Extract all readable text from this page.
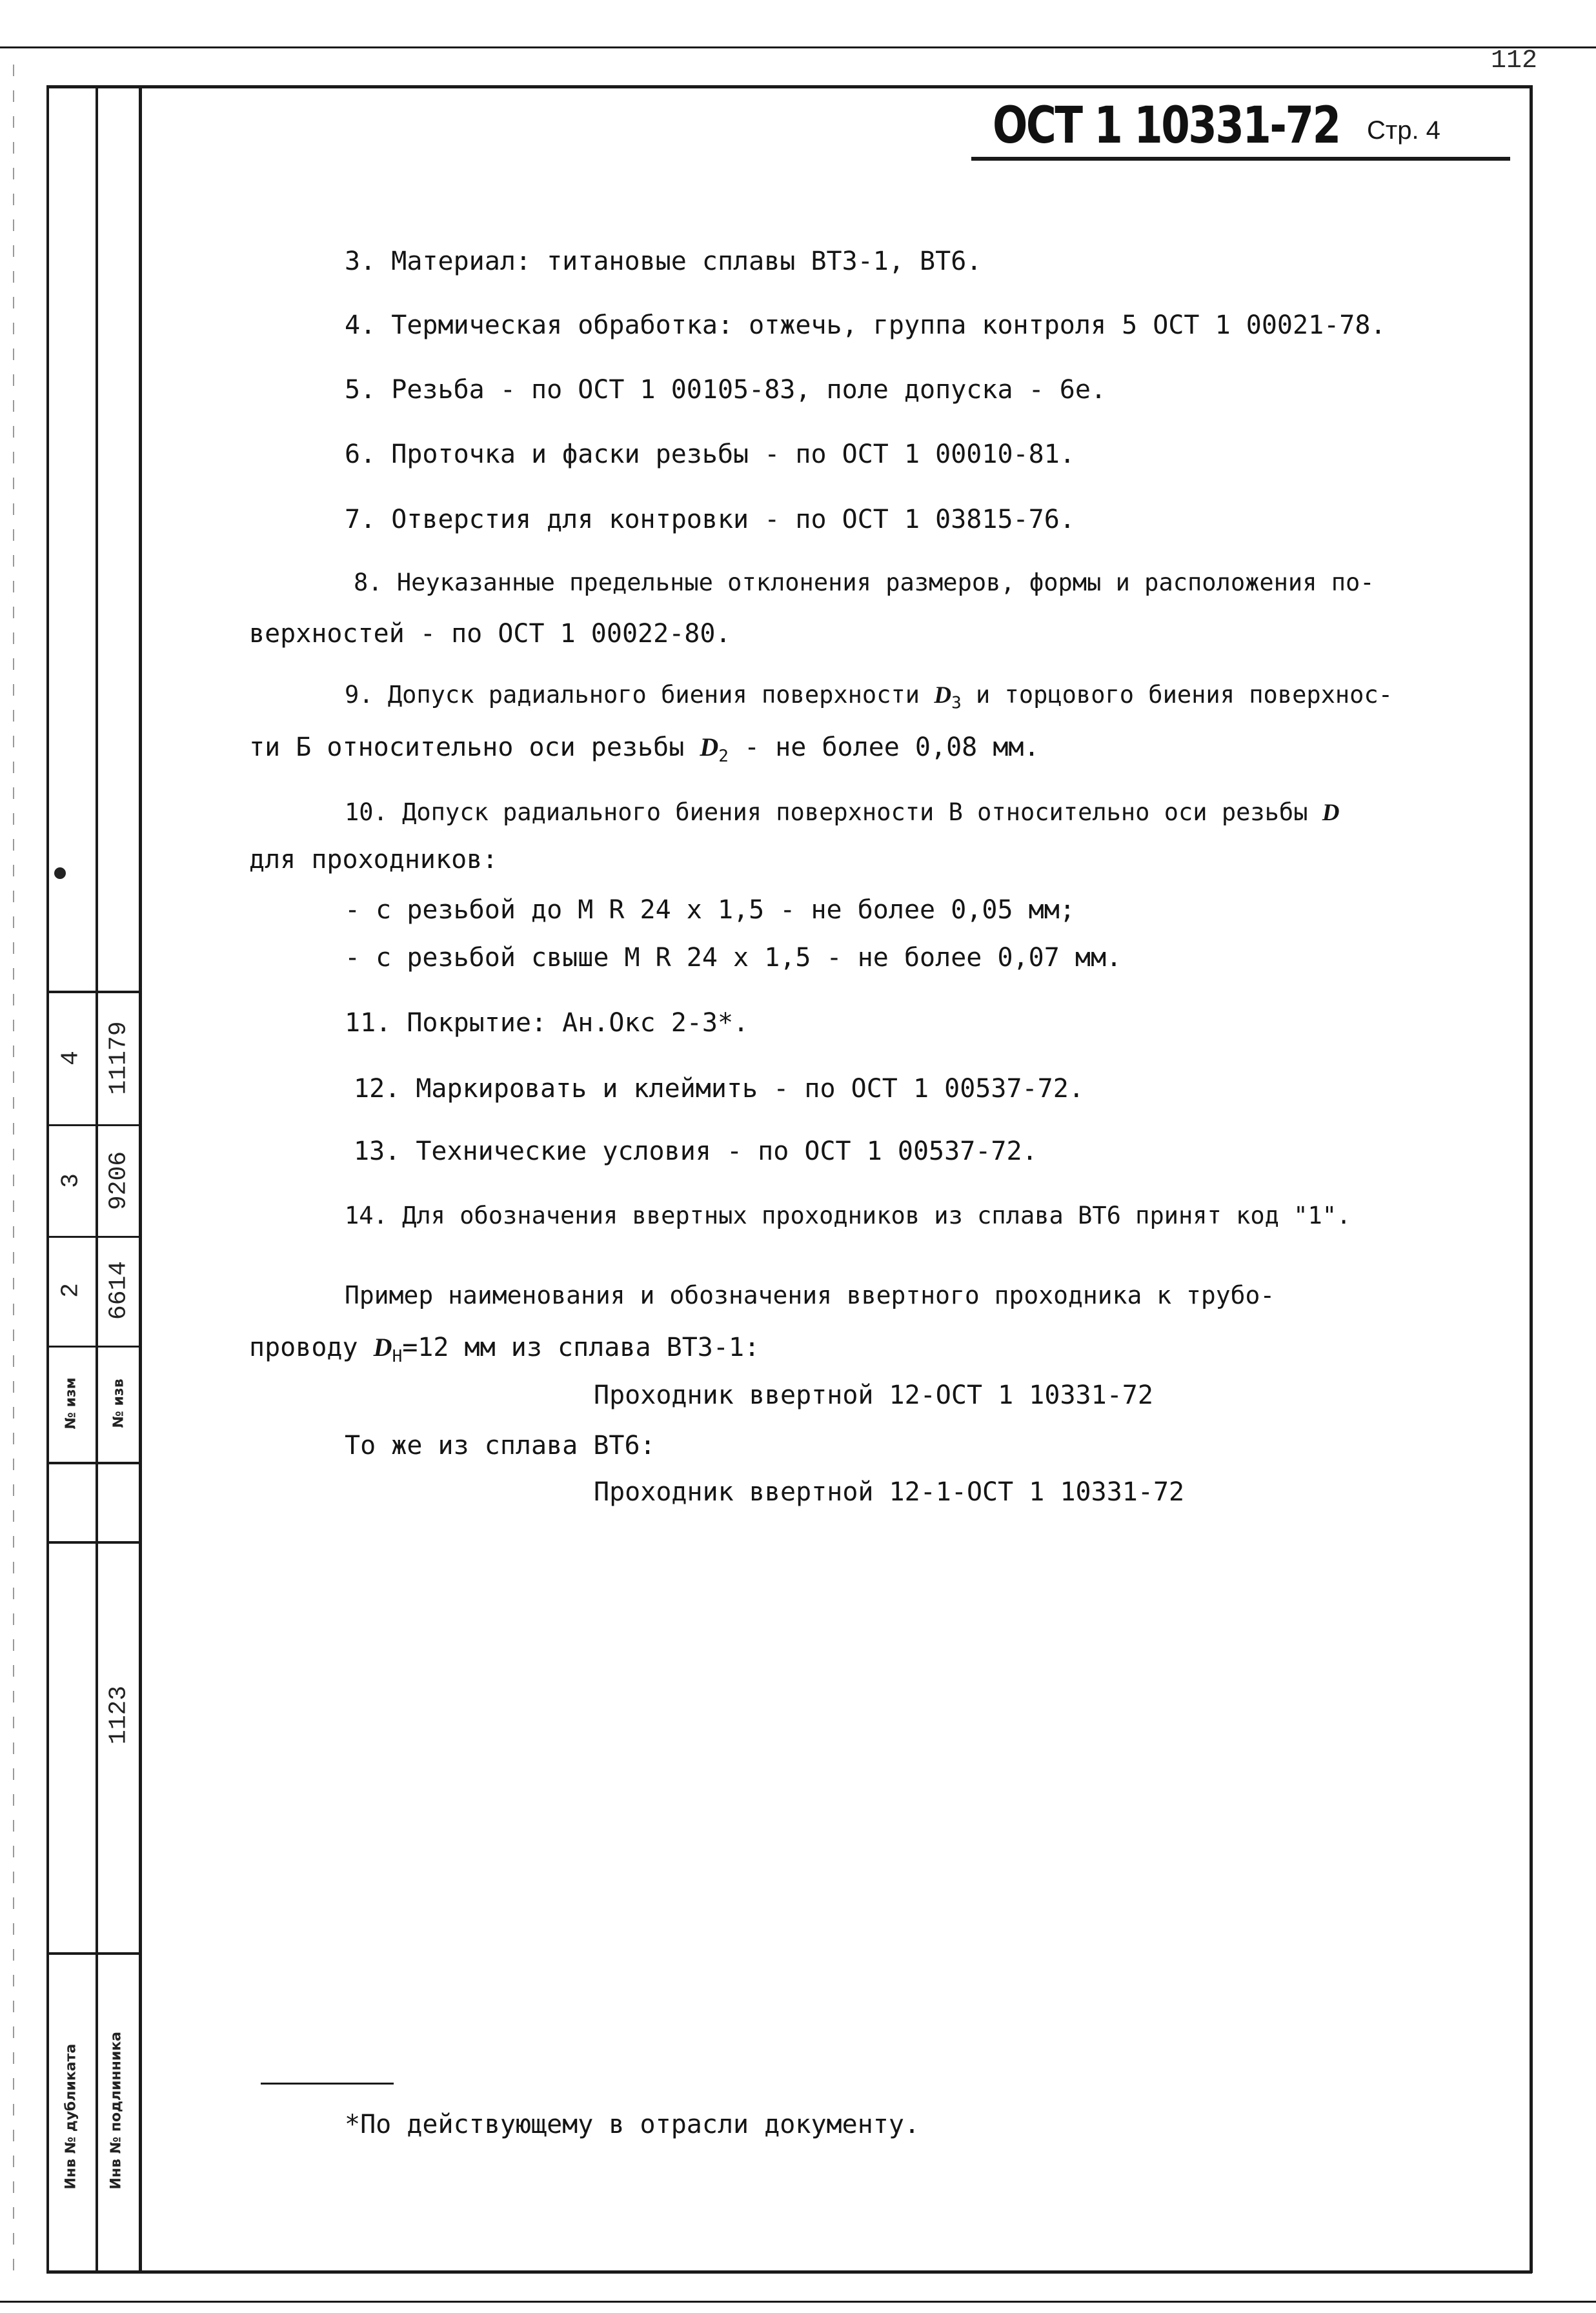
4
3
2
11179
9206
6614
№ изм № изв
1123
Инв № дубликата Инв № подлинника
112
ОСТ 1 10331-72 Стр. 4
3. Материал: титановые сплавы ВТ3-1, ВТ6.
4. Термическая обработка: отжечь, группа контроля 5 ОСТ 1 00021-78.
5. Резьба - по ОСТ 1 00105-83, поле допуска - 6е.
6. Проточка и фаски резьбы - по ОСТ 1 00010-81.
7. Отверстия для контровки - по ОСТ 1 03815-76.
8. Неуказанные предельные отклонения размеров, формы и расположения по-
верхностей - по ОСТ 1 00022-80.
9. Допуск радиального биения поверхности $D_3$ и торцового биения поверхнос-
ти Б относительно оси резьбы $D_2$ - не более 0,08 мм.
10. Допуск радиального биения поверхности В относительно оси резьбы D
для проходников:
- с резьбой до М R 24 x 1,5 - не более 0,05 мм;
- с резьбой свыше М R 24 x 1,5 - не более 0,07 мм.
11. Покрытие: Ан.Окс 2-3*.
12. Маркировать и клеймить - по ОСТ 1 00537-72.
13. Технические условия - по ОСТ 1 00537-72.
14. Для обозначения ввертных проходников из сплава ВТ6 принят код "1".
Пример наименования и обозначения ввертного проходника к трубо-
проводу $D_Н=12$ мм из сплава ВТ3-1:
Проходник ввертной 12-ОСТ 1 10331-72
То же из сплава ВТ6:
Проходник ввертной 12-1-ОСТ 1 10331-72
*По действующему в отрасли документу.
